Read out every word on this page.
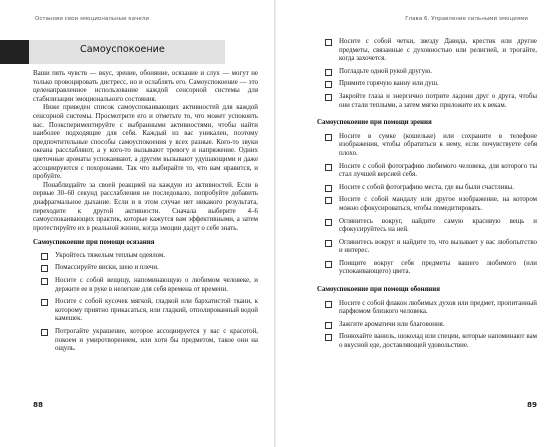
Останови свои эмоциональные качели
Самоуспокоение

Ваши пять чувств — вкус, зрение, обоняние, осязание и слух — могут не только провоцировать дистресс, но и ослаблять его. Самоуспокоение — это целенаправленное использование каждой сенсорной системы для стабилизации эмоционального состояния.

Ниже приведен список самоуспокаивающих активностей для каждой сенсорной системы. Просмотрите его и отметьте то, что может успокоить вас. Поэкспериментируйте с выбранными активностями, чтобы найти наиболее подходящие для себя. Каждый из вас уникален, поэтому предпочтительные способы самоуспокоения у всех разные. Кого-то звуки океана расслабляют, а у кого-то вызывают тревогу и напряжение. Одних цветочные ароматы успокаивают, а другим вызывают удушающими и даже ассоциируются с похоронами. Так что выбирайте то, что вам нравится, и пробуйте.

Понаблюдайте за своей реакцией на каждую из активностей. Если в первые 30–60 секунд расслабления не последовало, попробуйте добавить диафрагмальное дыхание. Если и в этом случае нет никакого результата, переходите к другой активности. Сначала выберите 4–6 самоуспокаивающих практик, которые кажутся вам эффективными, а затем протестируйте их в реальной жизни, когда эмоции дадут о себе знать.

Самоуспокоение при помощи осязания

Укройтесь тяжелым теплым одеялом.
Помассируйте виски, шею и плечи.
Носите с собой вещицу, напоминающую о любимом человеке, и держите ее в руке в нелегкие для себя времена от времени.
Носите с собой кусочек мягкой, гладкой или бархатистой ткани, к которому приятно прикасаться, или гладкий, отполированный водой камешек.
Потрогайте украшение, которое ассоциируется у вас с красотой, покоем и умиротворением, или хотя бы предметом, такое они на ощупь.
88
Глава 6. Управление сильными эмоциями
Носите с собой четки, звезду Давида, крестик или другие предметы, связанные с духовностью или религией, и трогайте, когда захочется.
Погладьте одной рукой другую.
Примите горячую ванну или душ.
Закройте глаза и энергично потрите ладони друг о друга, чтобы они стали теплыми, а затем мягко приложите их к векам.

Самоуспокоение при помощи зрения

Носите в сумке (кошельке) или сохраните в телефоне изображения, чтобы обратиться к нему, если почувствуете себя плохо.
Носите с собой фотографию любимого человека, для которого ты стал лучшей версией себя.
Носите с собой фотографию места, где вы были счастливы.
Носите с собой мандалу или другое изображение, на котором можно сфокусироваться, чтобы помедитировать.
Оглянитесь вокруг, найдите самую красивую вещь и сфокусируйтесь на ней.
Оглянитесь вокруг и найдите то, что вызывает у вас любопытство и интерес.
Поищите вокруг себя предметы вашего любимого (или успокаивающего) цвета.

Самоуспокоение при помощи обоняния

Носите с собой флакон любимых духов или предмет, пропитанный парфюмом близкого человека.
Зажгите ароматичи или благовония.
Понюхайте ваниль, шоколад или специи, которые напоминают вам о вкусной еде, доставляющей удовольствие.
89
